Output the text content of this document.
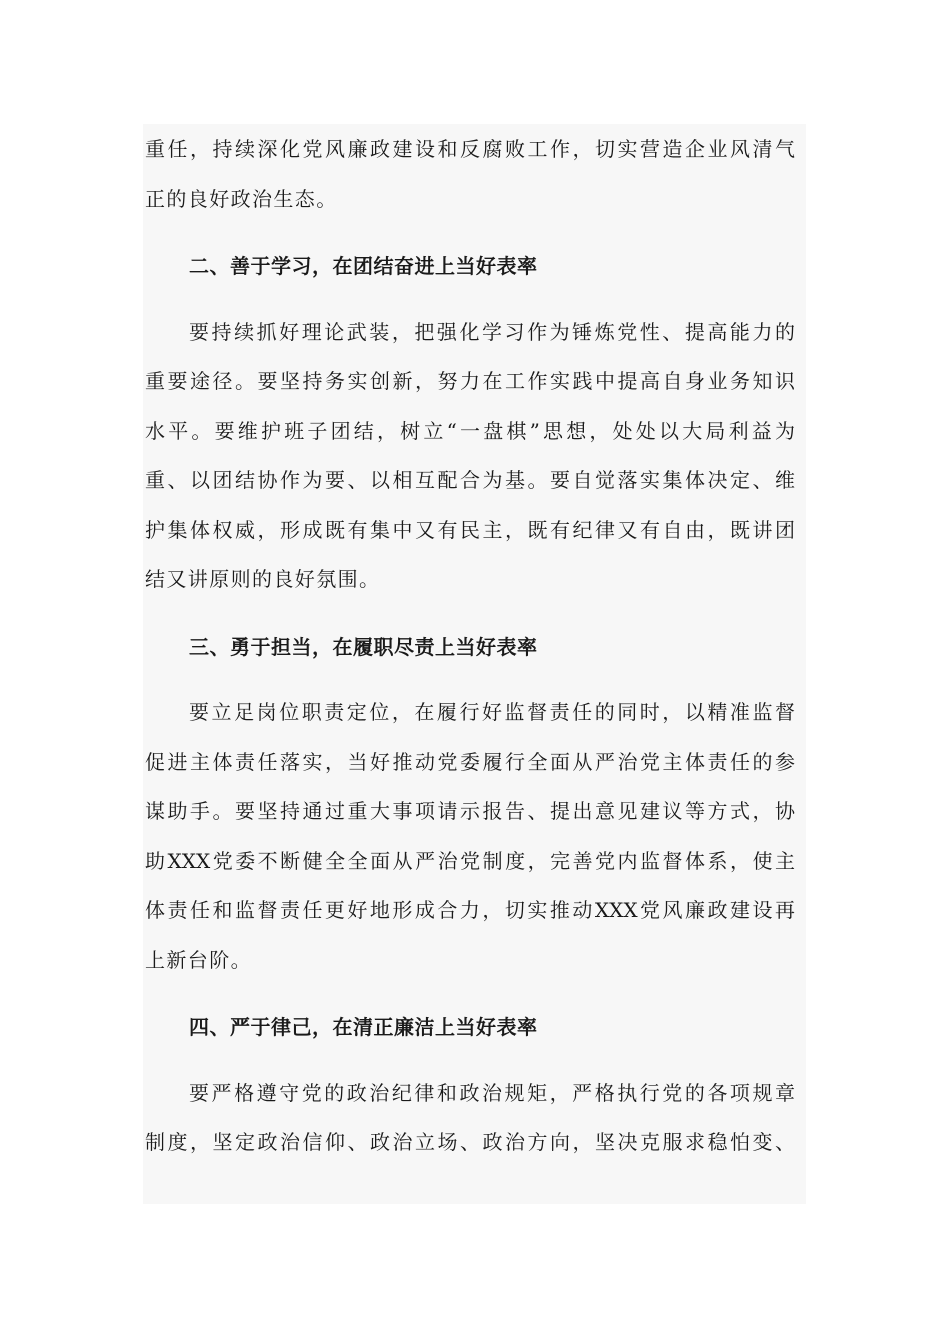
重任，持续深化党风廉政建设和反腐败工作，切实营造企业风清气
正的良好政治生态。
二、善于学习，在团结奋进上当好表率
要持续抓好理论武装，把强化学习作为锤炼党性、提高能力的
重要途径。要坚持务实创新，努力在工作实践中提高自身业务知识
水平。要维护班子团结，树立“一盘棋”思想，处处以大局利益为
重、以团结协作为要、以相互配合为基。要自觉落实集体决定、维
护集体权威，形成既有集中又有民主，既有纪律又有自由，既讲团
结又讲原则的良好氛围。
三、勇于担当，在履职尽责上当好表率
要立足岗位职责定位，在履行好监督责任的同时，以精准监督
促进主体责任落实，当好推动党委履行全面从严治党主体责任的参
谋助手。要坚持通过重大事项请示报告、提出意见建议等方式，协
助XXX党委不断健全全面从严治党制度，完善党内监督体系，使主
体责任和监督责任更好地形成合力，切实推动XXX党风廉政建设再
上新台阶。
四、严于律己，在清正廉洁上当好表率
要严格遵守党的政治纪律和政治规矩，严格执行党的各项规章
制度，坚定政治信仰、政治立场、政治方向，坚决克服求稳怕变、
